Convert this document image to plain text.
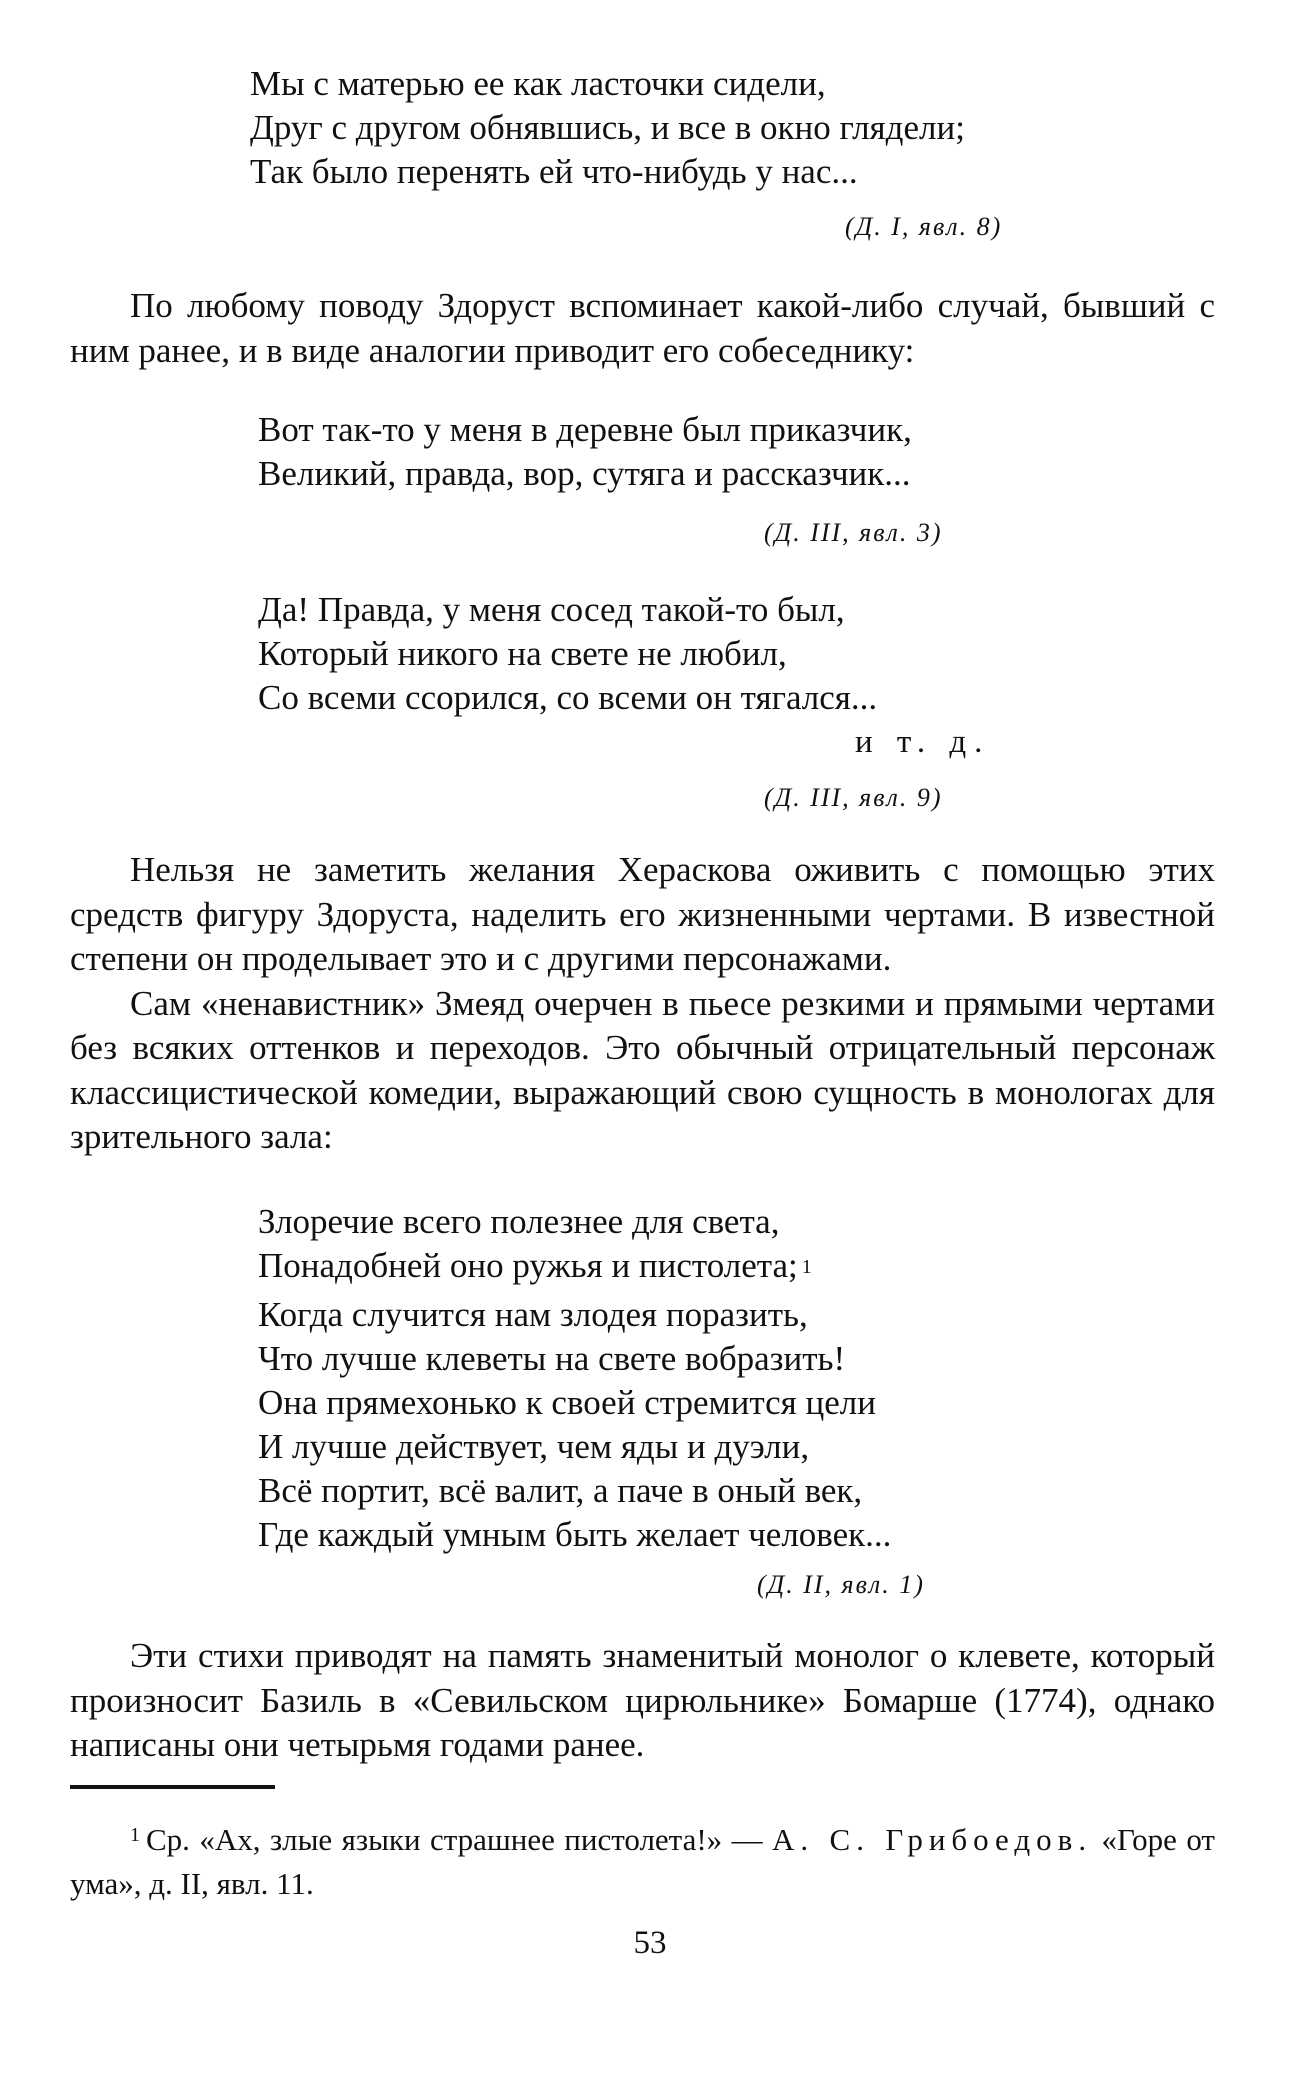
Мы с матерью ее как ласточки сидели,
Друг с другом обнявшись, и все в окно глядели;
Так было перенять ей что-нибудь у нас...
(Д. I, явл. 8)

По любому поводу Здоруст вспоминает какой-либо случай, бывший с ним ранее, и в виде аналогии приводит его собеседнику:

Вот так-то у меня в деревне был приказчик,
Великий, правда, вор, сутяга и рассказчик...
(Д. III, явл. 3)
Да! Правда, у меня сосед такой-то был,
Который никого на свете не любил,
Со всеми ссорился, со всеми он тягался...
и т. д.
(Д. III, явл. 9)

Нельзя не заметить желания Хераскова оживить с помощью этих средств фигуру Здоруста, наделить его жизненными чертами. В известной степени он проделывает это и с другими персонажами.

Сам «ненавистник» Змеяд очерчен в пьесе резкими и прямыми чертами без всяких оттенков и переходов. Это обычный отрицательный персонаж классицистической комедии, выражающий свою сущность в монологах для зрительного зала:

Злоречие всего полезнее для света,
Понадобней оно ружья и пистолета; $^1$
Когда случится нам злодея поразить,
Что лучше клеветы на свете вобразить!
Она прямехонько к своей стремится цели
И лучше действует, чем яды и дуэли,
Всё портит, всё валит, а паче в оный век,
Где каждый умным быть желает человек...
(Д. II, явл. 1)

Эти стихи приводят на память знаменитый монолог о клевете, который произносит Базиль в «Севильском цирюльнике» Бомарше (1774), однако написаны они четырьмя годами ранее.

$^1$ Ср. «Ах, злые языки страшнее пистолета!» — А. С. Грибоедов. «Горе от ума», д. II, явл. 11.
53
